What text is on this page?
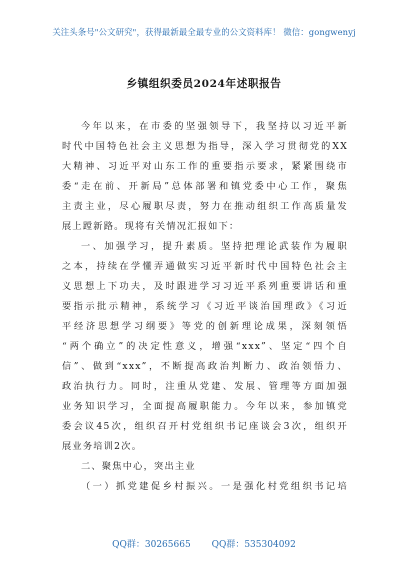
关注头条号"公文研究"，获得最新最全最专业的公文资料库！ 微信：gongwenyj
乡镇组织委员2024年述职报告
今年以来，在市委的坚强领导下，我坚持以习近平新
时代中国特色社会主义思想为指导，深入学习贯彻党的XX
大精神、习近平对山东工作的重要指示要求，紧紧围绕市
委“走在前、开新局”总体部署和镇党委中心工作，聚焦
主责主业，尽心履职尽责，努力在推动组织工作高质量发
展上蹚新路。现将有关情况汇报如下：
一、加强学习，提升素质。坚持把理论武装作为履职
之本，持续在学懂弄通做实习近平新时代中国特色社会主
义思想上下功夫，及时跟进学习习近平系列重要讲话和重
要指示批示精神，系统学习《习近平谈治国理政》《习近
平经济思想学习纲要》等党的创新理论成果，深刻领悟
“两个确立”的决定性意义，增强“xxx”、坚定“四个自
信”、做到“xxx”，不断提高政治判断力、政治领悟力、
政治执行力。同时，注重从党建、发展、管理等方面加强
业务知识学习，全面提高履职能力。今年以来，参加镇党
委会议45次，组织召开村党组织书记座谈会3次，组织开
展业务培训2次。
二、聚焦中心，突出主业
（一）抓党建促乡村振兴。一是强化村党组织书记培
QQ群：30265665 QQ群：535304092
